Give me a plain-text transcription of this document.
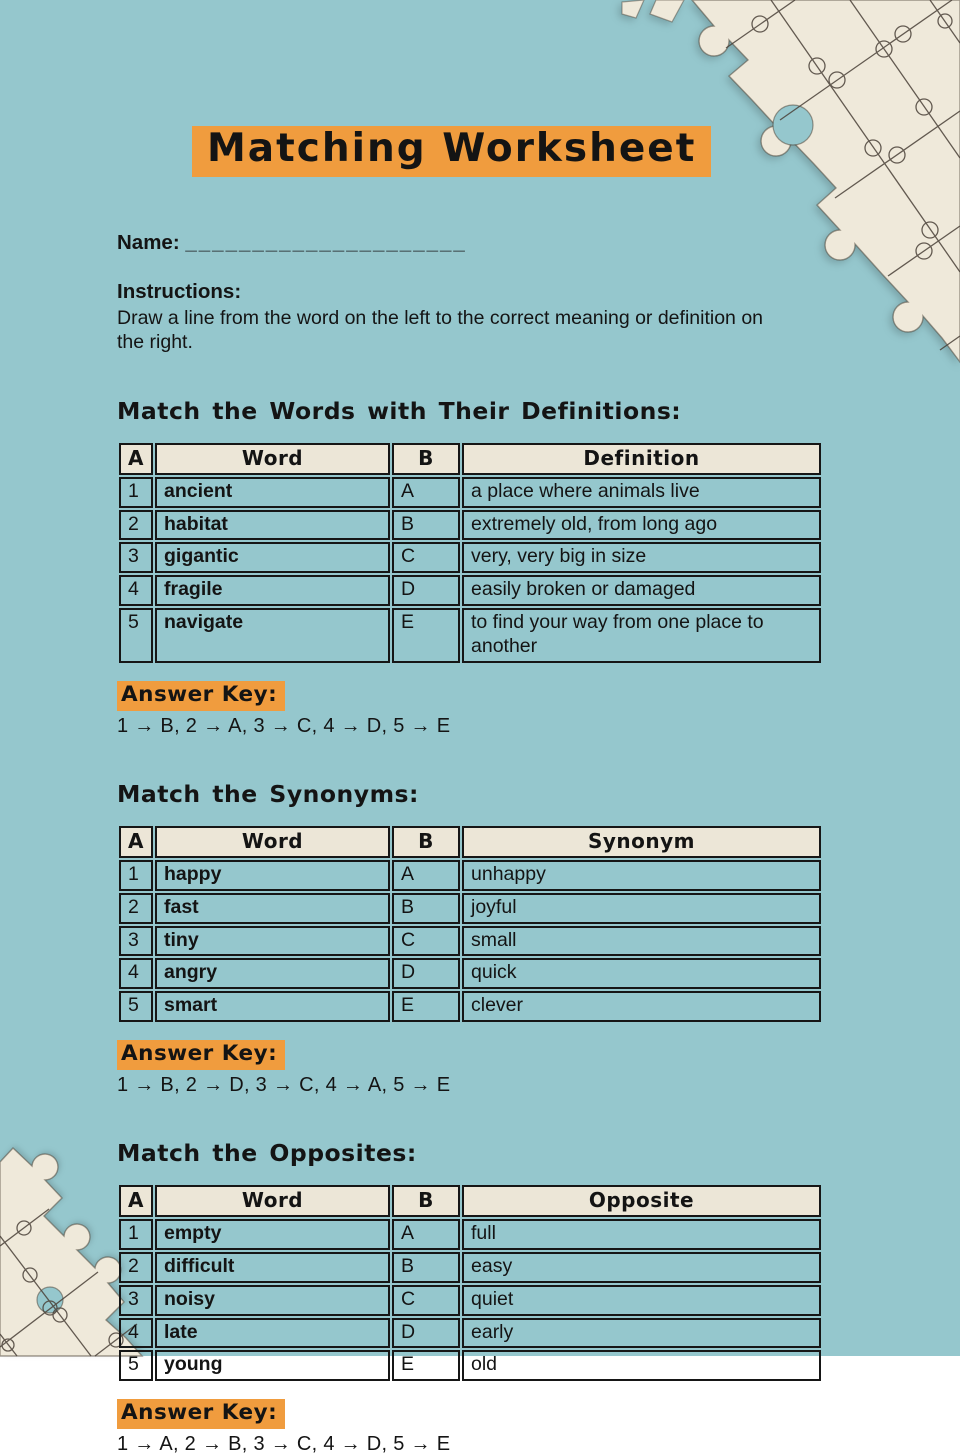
Matching Worksheet
Name: _____________________
Instructions:
Draw a line from the word on the left to the correct meaning or definition on the right.
Match the Words with Their Definitions:
A	Word	B	Definition
1	ancient	A	a place where animals live
2	habitat	B	extremely old, from long ago
3	gigantic	C	very, very big in size
4	fragile	D	easily broken or damaged
5	navigate	E	to find your way from one place to another
Answer Key:
1 → B, 2 → A, 3 → C, 4 → D, 5 → E
Match the Synonyms:
A	Word	B	Synonym
1	happy	A	unhappy
2	fast	B	joyful
3	tiny	C	small
4	angry	D	quick
5	smart	E	clever
Answer Key:
1 → B, 2 → D, 3 → C, 4 → A, 5 → E
Match the Opposites:
A	Word	B	Opposite
1	empty	A	full
2	difficult	B	easy
3	noisy	C	quiet
4	late	D	early
5	young	E	old
Answer Key:
1 → A, 2 → B, 3 → C, 4 → D, 5 → E
